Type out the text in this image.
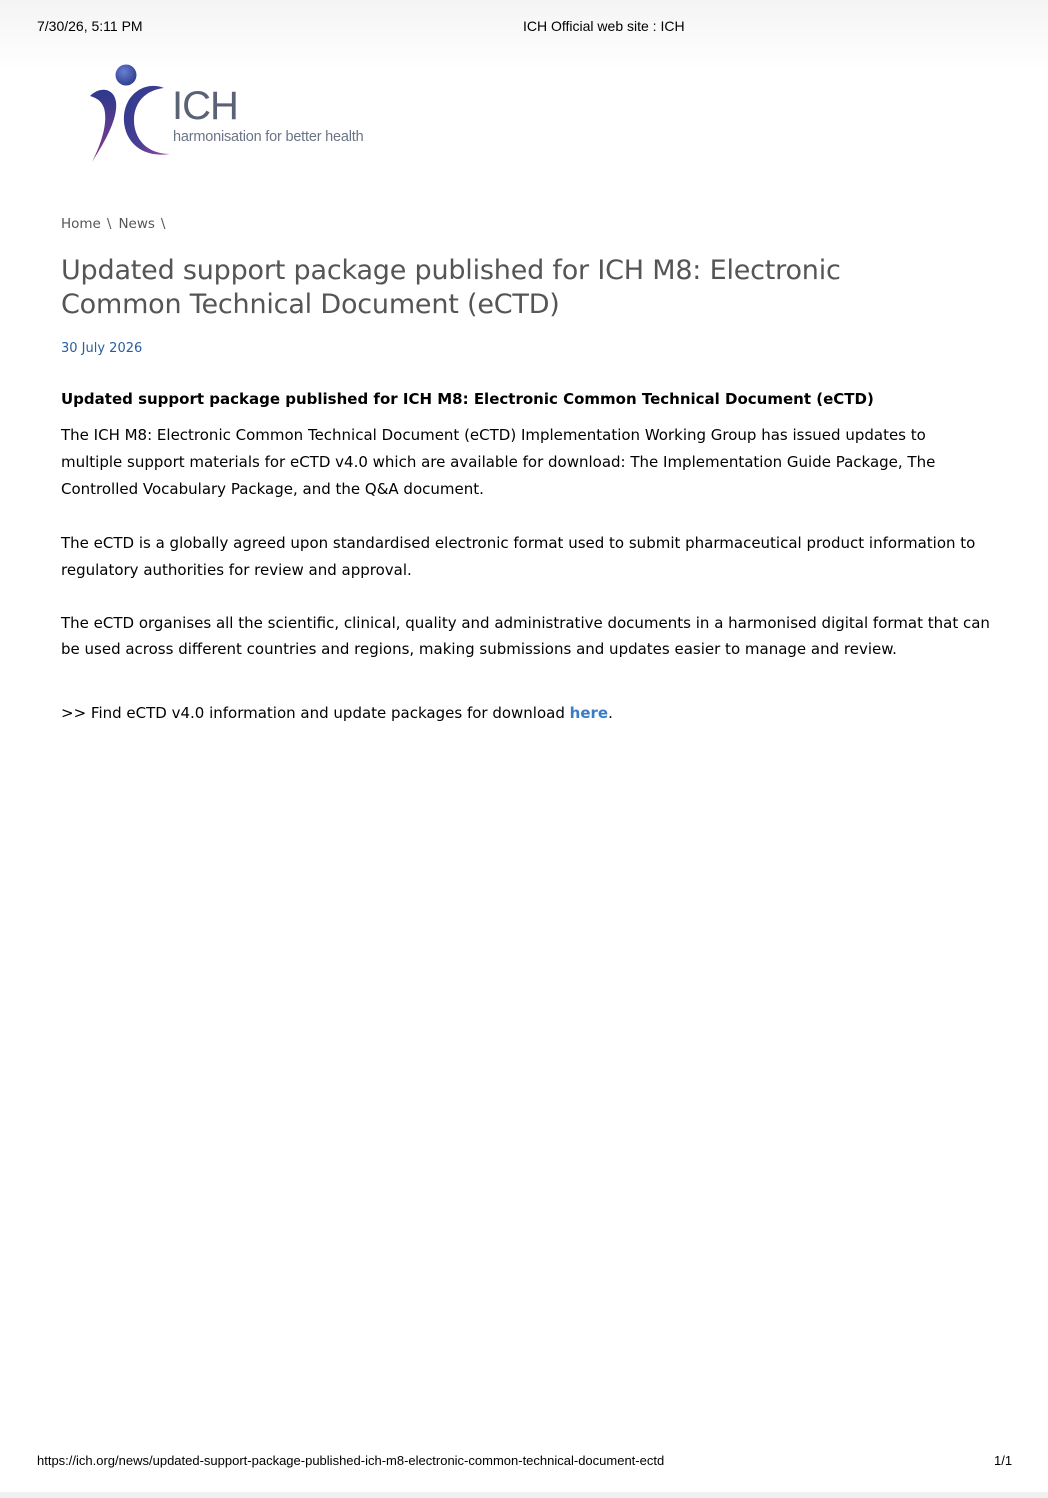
7/30/26, 5:11 PM	ICH Official web site : ICH
ICH
harmonisation for better health
Home \ News \
Updated support package published for ICH M8: Electronic Common Technical Document (eCTD)
30 July 2026

Updated support package published for ICH M8: Electronic Common Technical Document (eCTD)

The ICH M8: Electronic Common Technical Document (eCTD) Implementation Working Group has issued updates to multiple support materials for eCTD v4.0 which are available for download: The Implementation Guide Package, The Controlled Vocabulary Package, and the Q&A document.

The eCTD is a globally agreed upon standardised electronic format used to submit pharmaceutical product information to regulatory authorities for review and approval.

The eCTD organises all the scientific, clinical, quality and administrative documents in a harmonised digital format that can be used across different countries and regions, making submissions and updates easier to manage and review.

>> Find eCTD v4.0 information and update packages for download here.

https://ich.org/news/updated-support-package-published-ich-m8-electronic-common-technical-document-ectd	1/1
